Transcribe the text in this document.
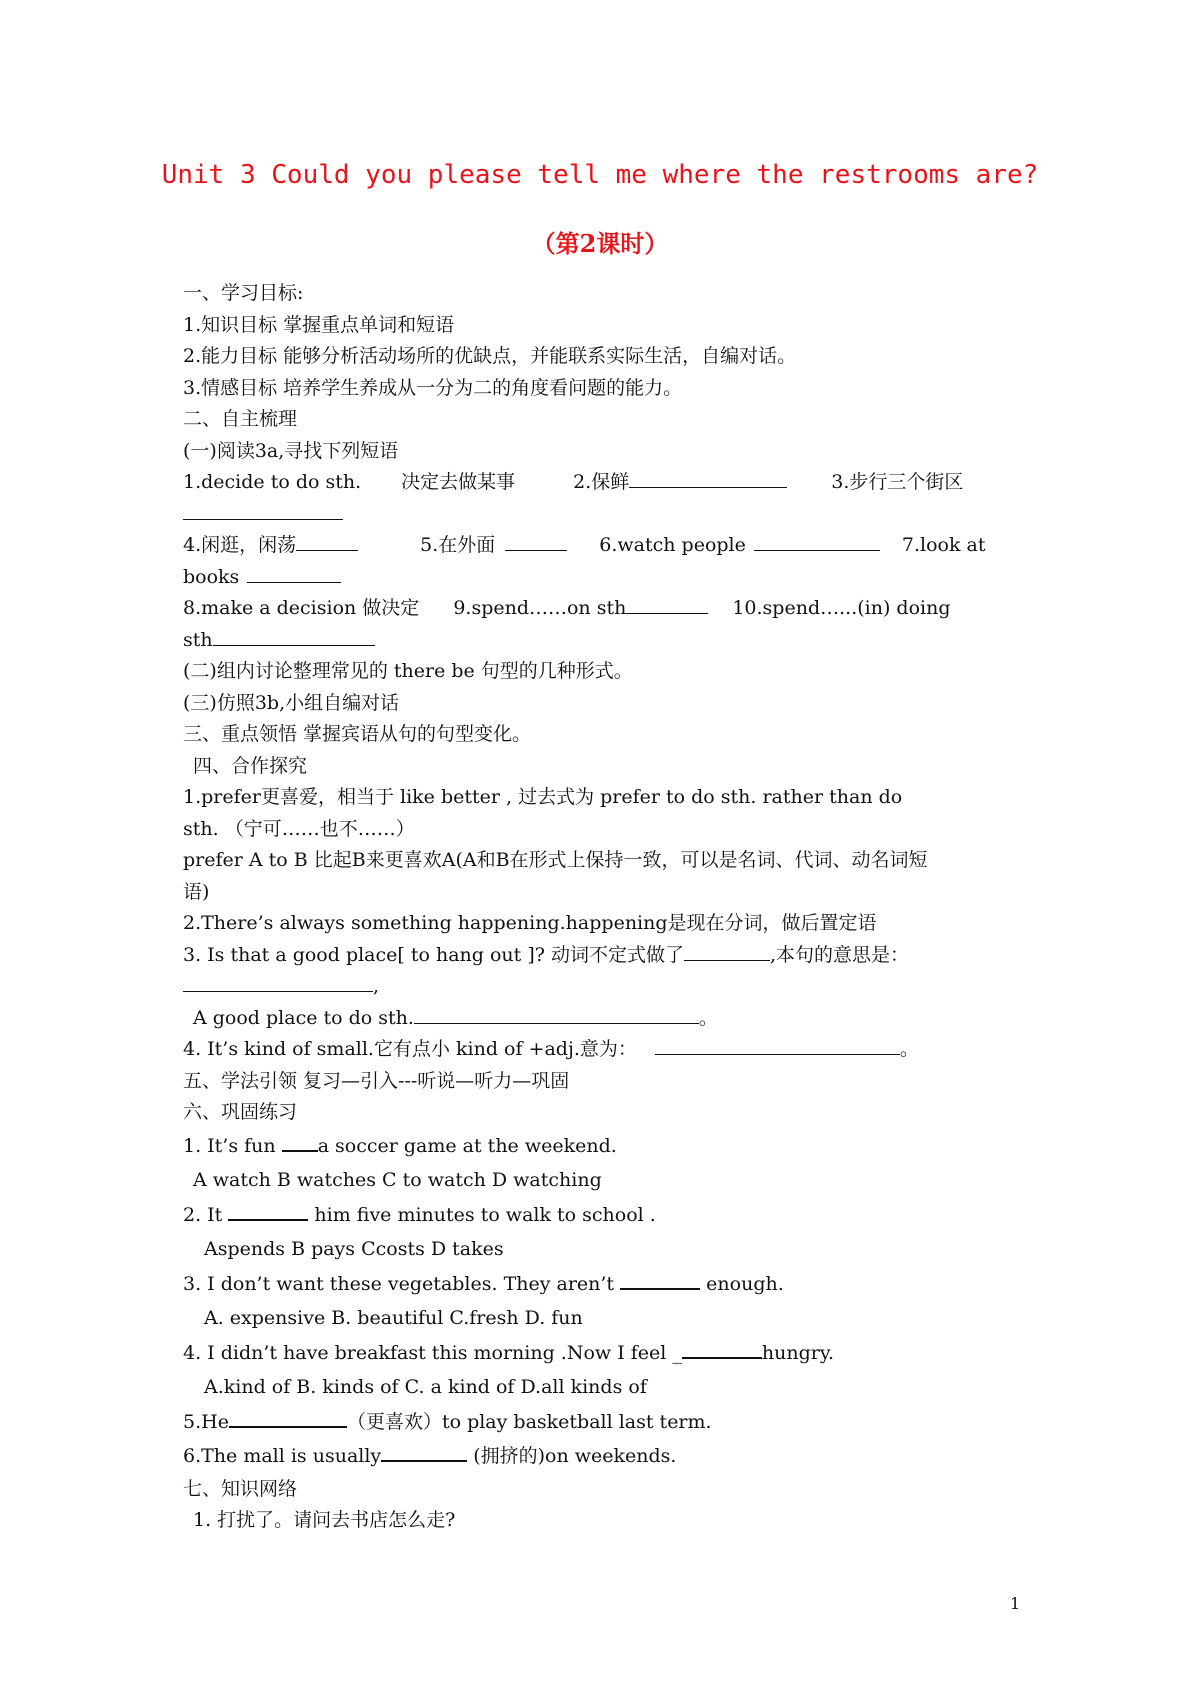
Unit 3 Could you please tell me where the restrooms are?
（第2课时）
一、学习目标:
1.知识目标 掌握重点单词和短语
2.能力目标 能够分析活动场所的优缺点，并能联系实际生活，自编对话。
3.情感目标 培养学生养成从一分为二的角度看问题的能力。
二、自主梳理
(一)阅读3a,寻找下列短语
1.decide to do sth. 决定去做某事	2.保鲜	3.步行三个街区
4.闲逛，闲荡	5.在外面	6.watch people	7.look at
books
8.make a decision 做决定 9.spend……on sth	10.spend…...(in) doing
sth
(二)组内讨论整理常见的 there be 句型的几种形式。
(三)仿照3b,小组自编对话
三、重点领悟 掌握宾语从句的句型变化。
四、合作探究
1.prefer更喜爱，相当于 like better , 过去式为 prefer to do sth. rather than do
sth. （宁可……也不……）
prefer A to B 比起B来更喜欢A(A和B在形式上保持一致，可以是名词、代词、动名词短
语)
2.There’s always something happening.happening是现在分词，做后置定语
3. Is that a good place[ to hang out ]? 动词不定式做了	,本句的意思是：
,
A good place to do sth.	。
4. It’s kind of small.它有点小 kind of +adj.意为：	。
五、学法引领 复习—引入---听说—听力—巩固
六、巩固练习
1. It’s fun a soccer game at the weekend.
A watch B watches C to watch D watching
2. It	him five minutes to walk to school .
Aspends B pays Ccosts D takes
3. I don’t want these vegetables. They aren’t	enough.
A. expensive B. beautiful C.fresh D. fun
4. I didn’t have breakfast this morning .Now I feel _	hungry.
A.kind of B. kinds of C. a kind of D.all kinds of
5.He	（更喜欢）to play basketball last term.
6.The mall is usually	(拥挤的)on weekends.
七、知识网络
1. 打扰了。请问去书店怎么走?
1
